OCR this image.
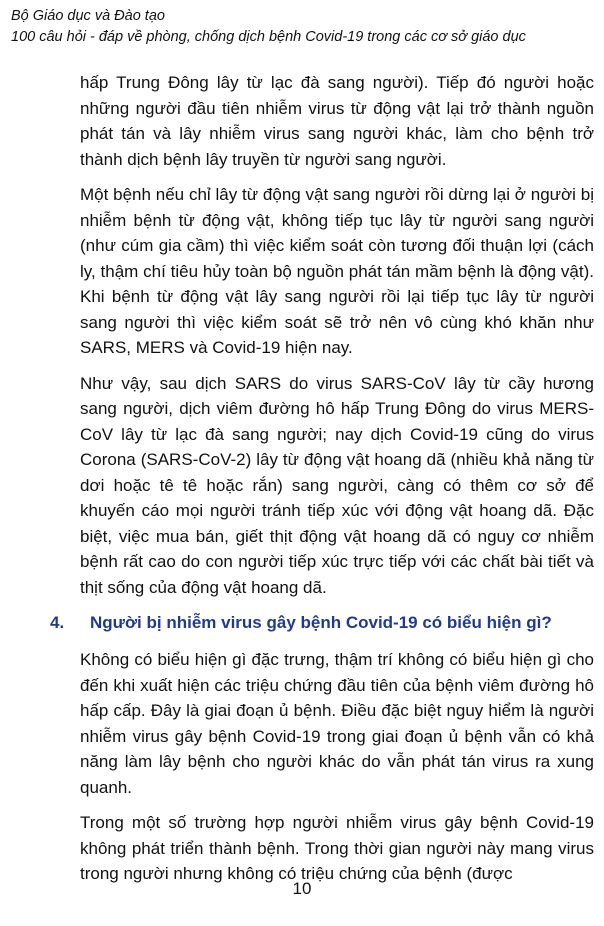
Bộ Giáo dục và Đào tạo
100 câu hỏi - đáp về phòng, chống dịch bệnh Covid-19 trong các cơ sở giáo dục

hấp Trung Đông lây từ lạc đà sang người). Tiếp đó người hoặc những người đầu tiên nhiễm virus từ động vật lại trở thành nguồn phát tán và lây nhiễm virus sang người khác, làm cho bệnh trở thành dịch bệnh lây truyền từ người sang người.

Một bệnh nếu chỉ lây từ động vật sang người rồi dừng lại ở người bị nhiễm bệnh từ động vật, không tiếp tục lây từ người sang người (như cúm gia cầm) thì việc kiểm soát còn tương đối thuận lợi (cách ly, thậm chí tiêu hủy toàn bộ nguồn phát tán mầm bệnh là động vật). Khi bệnh từ động vật lây sang người rồi lại tiếp tục lây từ người sang người thì việc kiểm soát sẽ trở nên vô cùng khó khăn như SARS, MERS và Covid-19 hiện nay.

Như vậy, sau dịch SARS do virus SARS-CoV lây từ cầy hương sang người, dịch viêm đường hô hấp Trung Đông do virus MERS-CoV lây từ lạc đà sang người; nay dịch Covid-19 cũng do virus Corona (SARS-CoV-2) lây từ động vật hoang dã (nhiều khả năng từ dơi hoặc tê tê hoặc rắn) sang người, càng có thêm cơ sở để khuyến cáo mọi người tránh tiếp xúc với động vật hoang dã. Đặc biệt, việc mua bán, giết thịt động vật hoang dã có nguy cơ nhiễm bệnh rất cao do con người tiếp xúc trực tiếp với các chất bài tiết và thịt sống của động vật hoang dã.

4. Người bị nhiễm virus gây bệnh Covid-19 có biểu hiện gì?

Không có biểu hiện gì đặc trưng, thậm trí không có biểu hiện gì cho đến khi xuất hiện các triệu chứng đầu tiên của bệnh viêm đường hô hấp cấp. Đây là giai đoạn ủ bệnh. Điều đặc biệt nguy hiểm là người nhiễm virus gây bệnh Covid-19 trong giai đoạn ủ bệnh vẫn có khả năng làm lây bệnh cho người khác do vẫn phát tán virus ra xung quanh.

Trong một số trường hợp người nhiễm virus gây bệnh Covid-19 không phát triển thành bệnh. Trong thời gian người này mang virus trong người nhưng không có triệu chứng của bệnh (được

10
